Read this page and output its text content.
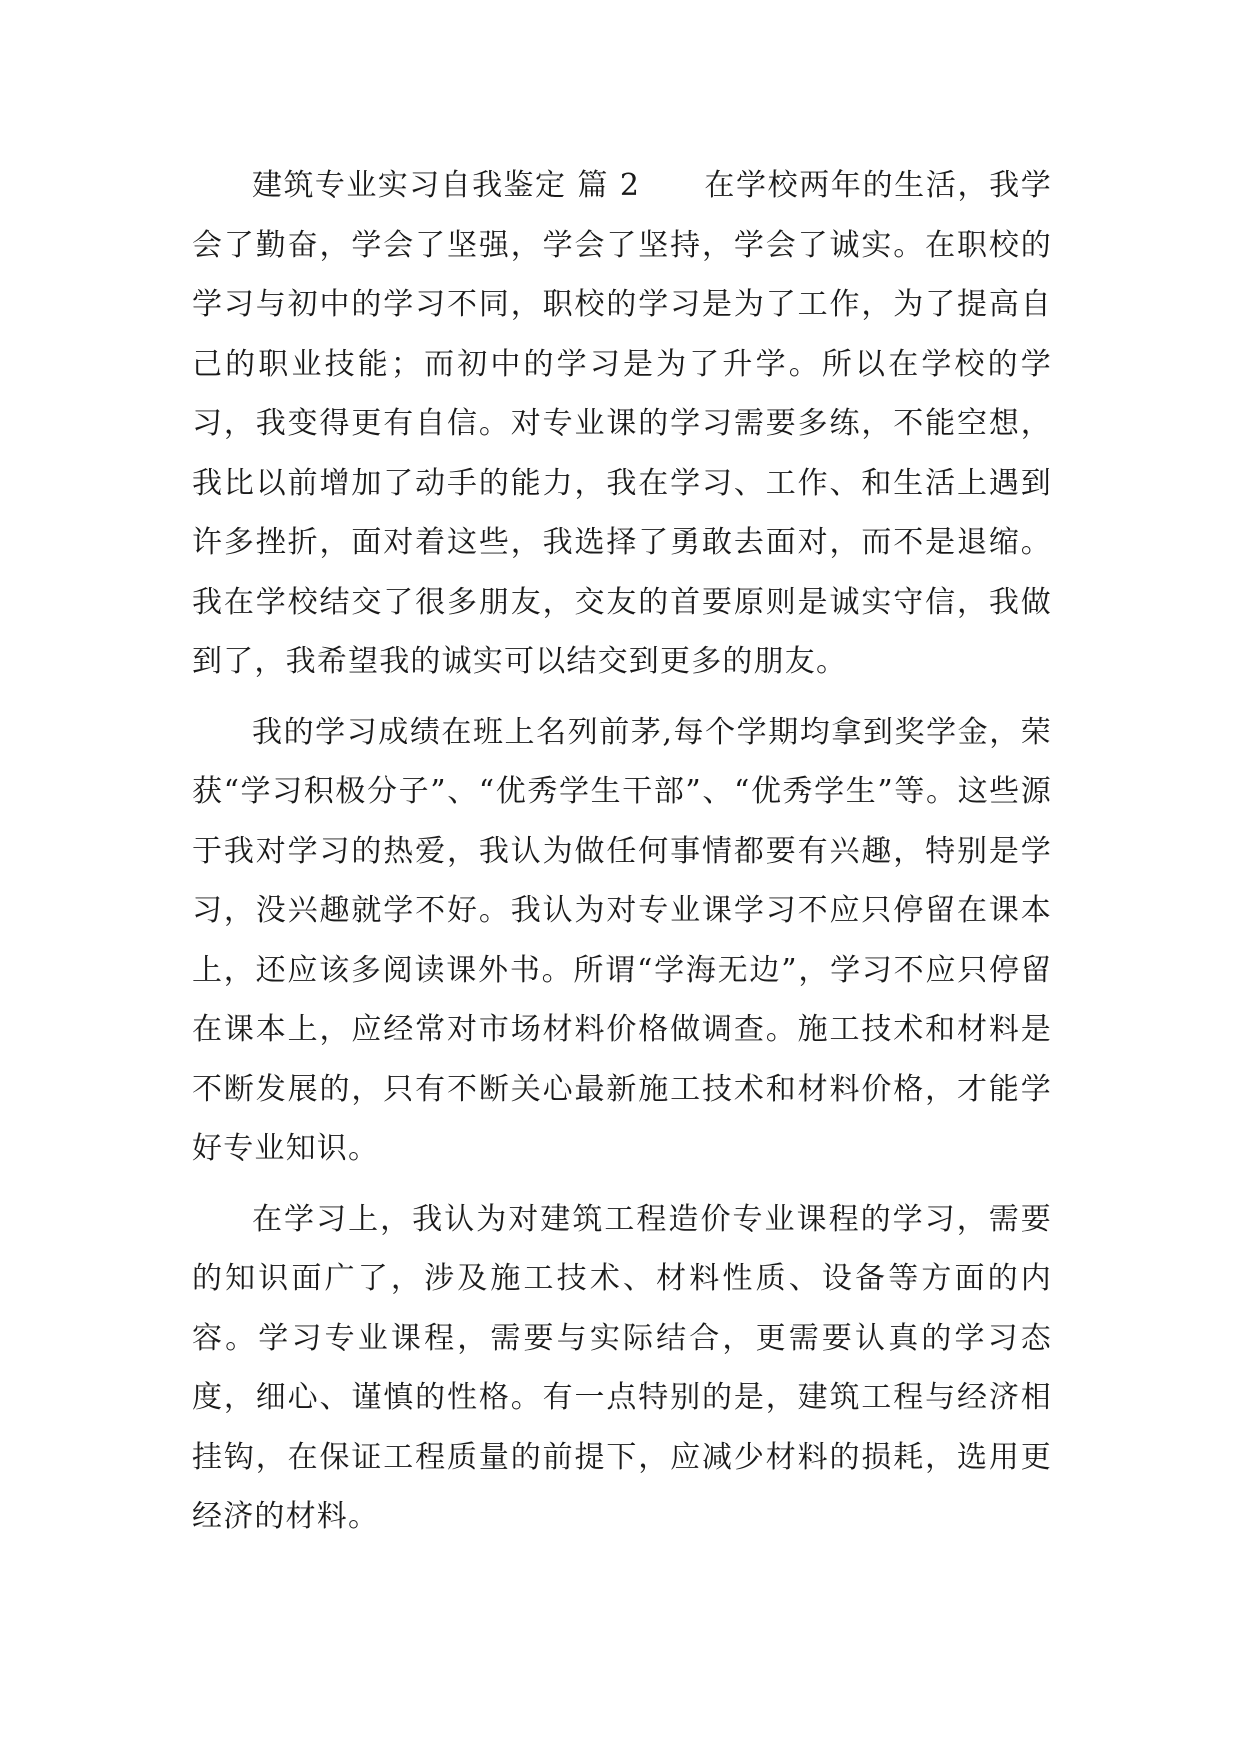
建筑专业实习自我鉴定 篇 2 在学校两年的生活，我学会了勤奋，学会了坚强，学会了坚持，学会了诚实。在职校的学习与初中的学习不同，职校的学习是为了工作，为了提高自己的职业技能；而初中的学习是为了升学。所以在学校的学习，我变得更有自信。对专业课的学习需要多练，不能空想，我比以前增加了动手的能力，我在学习、工作、和生活上遇到许多挫折，面对着这些，我选择了勇敢去面对，而不是退缩。我在学校结交了很多朋友，交友的首要原则是诚实守信，我做到了，我希望我的诚实可以结交到更多的朋友。

我的学习成绩在班上名列前茅,每个学期均拿到奖学金，荣获“学习积极分子”、“优秀学生干部”、“优秀学生”等。这些源于我对学习的热爱，我认为做任何事情都要有兴趣，特别是学习，没兴趣就学不好。我认为对专业课学习不应只停留在课本上，还应该多阅读课外书。所谓“学海无边”，学习不应只停留在课本上，应经常对市场材料价格做调查。施工技术和材料是不断发展的，只有不断关心最新施工技术和材料价格，才能学好专业知识。

在学习上，我认为对建筑工程造价专业课程的学习，需要的知识面广了，涉及施工技术、材料性质、设备等方面的内容。学习专业课程，需要与实际结合，更需要认真的学习态度，细心、谨慎的性格。有一点特别的是，建筑工程与经济相挂钩，在保证工程质量的前提下，应减少材料的损耗，选用更经济的材料。
